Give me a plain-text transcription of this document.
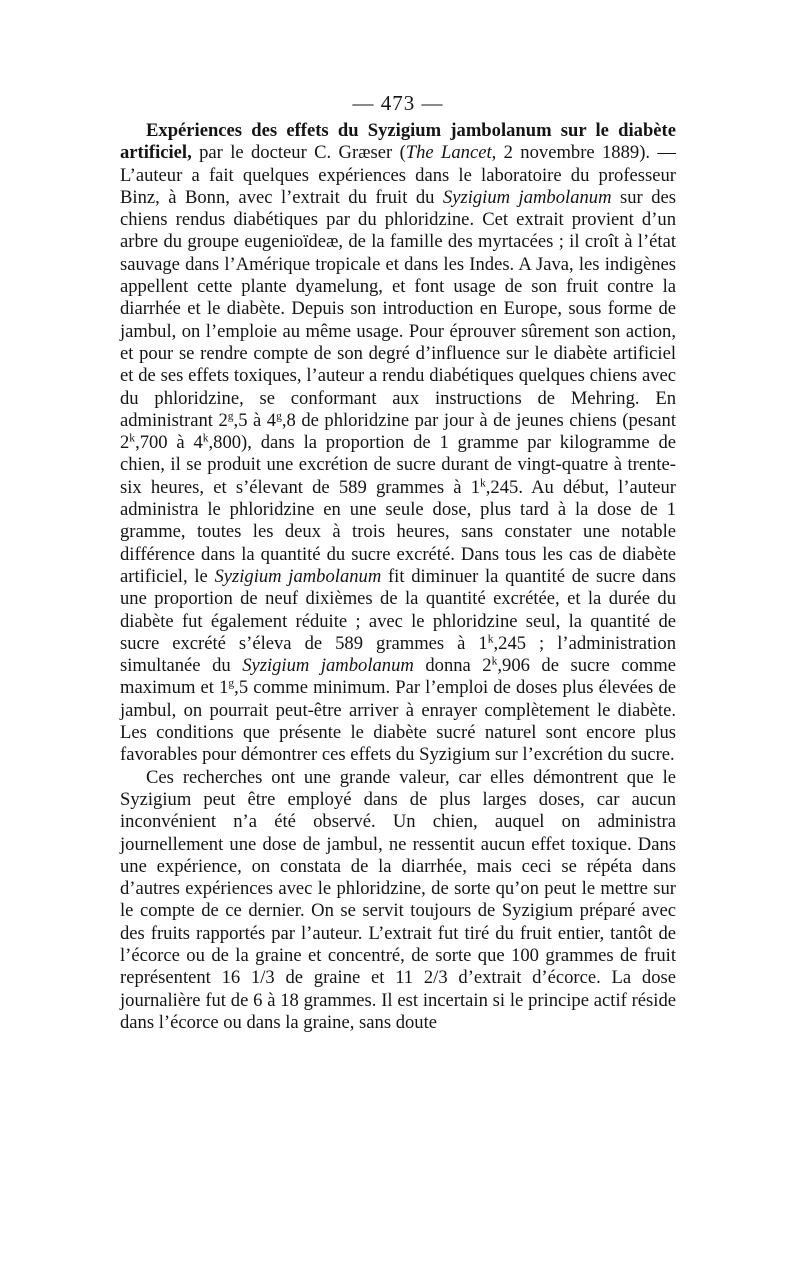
— 473 —

Expériences des effets du Syzigium jambolanum sur le diabète artificiel, par le docteur C. Græser (The Lancet, 2 novembre 1889). — L’auteur a fait quelques expériences dans le laboratoire du professeur Binz, à Bonn, avec l’extrait du fruit du Syzigium jambolanum sur des chiens rendus diabétiques par du phloridzine. Cet extrait provient d’un arbre du groupe eugenioïdeæ, de la famille des myrtacées ; il croît à l’état sauvage dans l’Amérique tropicale et dans les Indes. A Java, les indigènes appellent cette plante dyamelung, et font usage de son fruit contre la diarrhée et le diabète. Depuis son introduction en Europe, sous forme de jambul, on l’emploie au même usage. Pour éprouver sûrement son action, et pour se rendre compte de son degré d’influence sur le diabète artificiel et de ses effets toxiques, l’auteur a rendu diabétiques quelques chiens avec du phloridzine, se conformant aux instructions de Mehring. En administrant 2$^g$,5 à 4$^g$,8 de phloridzine par jour à de jeunes chiens (pesant 2$^k$,700 à 4$^k$,800), dans la proportion de 1 gramme par kilogramme de chien, il se produit une excrétion de sucre durant de vingt-quatre à trente-six heures, et s’élevant de 589 grammes à 1$^k$,245. Au début, l’auteur administra le phloridzine en une seule dose, plus tard à la dose de 1 gramme, toutes les deux à trois heures, sans constater une notable différence dans la quantité du sucre excrété. Dans tous les cas de diabète artificiel, le Syzigium jambolanum fit diminuer la quantité de sucre dans une proportion de neuf dixièmes de la quantité excrétée, et la durée du diabète fut également réduite ; avec le phloridzine seul, la quantité de sucre excrété s’éleva de 589 grammes à 1$^k$,245 ; l’administration simultanée du Syzigium jambolanum donna 2$^k$,906 de sucre comme maximum et 1$^g$,5 comme minimum. Par l’emploi de doses plus élevées de jambul, on pourrait peut-être arriver à enrayer complètement le diabète. Les conditions que présente le diabète sucré naturel sont encore plus favorables pour démontrer ces effets du Syzigium sur l’excrétion du sucre.

Ces recherches ont une grande valeur, car elles démontrent que le Syzigium peut être employé dans de plus larges doses, car aucun inconvénient n’a été observé. Un chien, auquel on administra journellement une dose de jambul, ne ressentit aucun effet toxique. Dans une expérience, on constata de la diarrhée, mais ceci se répéta dans d’autres expériences avec le phloridzine, de sorte qu’on peut le mettre sur le compte de ce dernier. On se servit toujours de Syzigium préparé avec des fruits rapportés par l’auteur. L’extrait fut tiré du fruit entier, tantôt de l’écorce ou de la graine et concentré, de sorte que 100 grammes de fruit représentent 16 1/3 de graine et 11 2/3 d’extrait d’écorce. La dose journalière fut de 6 à 18 grammes. Il est incertain si le principe actif réside dans l’écorce ou dans la graine, sans doute
